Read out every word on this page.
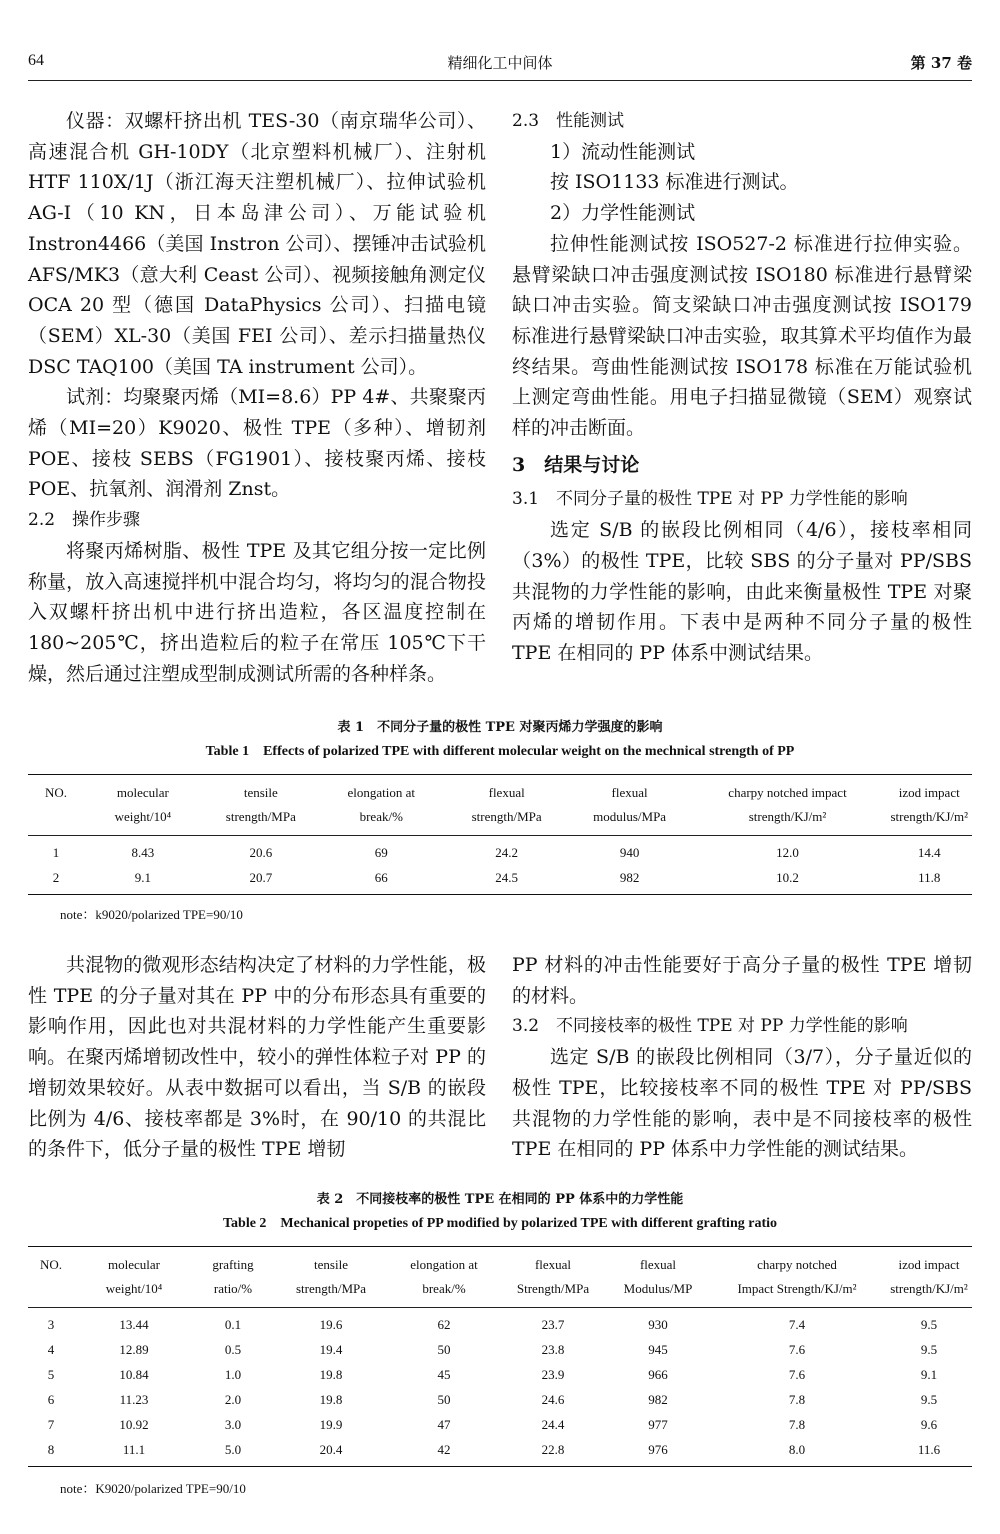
64	精细化工中间体	第 37 卷

仪器：双螺杆挤出机 TES-30（南京瑞华公司）、高速混合机 GH-10DY（北京塑料机械厂）、注射机 HTF 110X/1J（浙江海天注塑机械厂）、拉伸试验机 AG-I（10 KN，日本岛津公司）、万能试验机 Instron4466（美国 Instron 公司）、摆锤冲击试验机 AFS/MK3（意大利 Ceast 公司）、视频接触角测定仪 OCA 20 型（德国 DataPhysics 公司）、扫描电镜（SEM）XL-30（美国 FEI 公司）、差示扫描量热仪 DSC TAQ100（美国 TA instrument 公司）。

试剂：均聚聚丙烯（MI=8.6）PP 4#、共聚聚丙烯（MI=20）K9020、极性 TPE（多种）、增韧剂 POE、接枝 SEBS（FG1901）、接枝聚丙烯、接枝 POE、抗氧剂、润滑剂 Znst。

2.2　操作步骤

将聚丙烯树脂、极性 TPE 及其它组分按一定比例称量，放入高速搅拌机中混合均匀，将均匀的混合物投入双螺杆挤出机中进行挤出造粒，各区温度控制在 180~205℃，挤出造粒后的粒子在常压 105℃下干燥，然后通过注塑成型制成测试所需的各种样条。

2.3　性能测试

1）流动性能测试

按 ISO1133 标准进行测试。

2）力学性能测试

拉伸性能测试按 ISO527-2 标准进行拉伸实验。悬臂梁缺口冲击强度测试按 ISO180 标准进行悬臂梁缺口冲击实验。简支梁缺口冲击强度测试按 ISO179 标准进行悬臂梁缺口冲击实验，取其算术平均值作为最终结果。弯曲性能测试按 ISO178 标准在万能试验机上测定弯曲性能。用电子扫描显微镜（SEM）观察试样的冲击断面。

3　结果与讨论

3.1　不同分子量的极性 TPE 对 PP 力学性能的影响

选定 S/B 的嵌段比例相同（4/6），接枝率相同（3%）的极性 TPE，比较 SBS 的分子量对 PP/SBS 共混物的力学性能的影响，由此来衡量极性 TPE 对聚丙烯的增韧作用。下表中是两种不同分子量的极性 TPE 在相同的 PP 体系中测试结果。

表 1　不同分子量的极性 TPE 对聚丙烯力学强度的影响
Table 1　Effects of polarized TPE with different molecular weight on the mechnical strength of PP
NO.	molecular	tensile	elongation at	flexual	flexual	charpy notched impact	izod impact
	weight/10⁴	strength/MPa	break/%	strength/MPa	modulus/MPa	strength/KJ/m²	strength/KJ/m²
1	8.43	20.6	69	24.2	940	12.0	14.4
2	9.1	20.7	66	24.5	982	10.2	11.8
note：k9020/polarized TPE=90/10

共混物的微观形态结构决定了材料的力学性能，极性 TPE 的分子量对其在 PP 中的分布形态具有重要的影响作用，因此也对共混材料的力学性能产生重要影响。在聚丙烯增韧改性中，较小的弹性体粒子对 PP 的增韧效果较好。从表中数据可以看出，当 S/B 的嵌段比例为 4/6、接枝率都是 3%时，在 90/10 的共混比的条件下，低分子量的极性 TPE 增韧

PP 材料的冲击性能要好于高分子量的极性 TPE 增韧的材料。

3.2　不同接枝率的极性 TPE 对 PP 力学性能的影响

选定 S/B 的嵌段比例相同（3/7），分子量近似的极性 TPE，比较接枝率不同的极性 TPE 对 PP/SBS 共混物的力学性能的影响，表中是不同接枝率的极性 TPE 在相同的 PP 体系中力学性能的测试结果。

表 2　不同接枝率的极性 TPE 在相同的 PP 体系中的力学性能
Table 2　Mechanical propeties of PP modified by polarized TPE with different grafting ratio
NO.	molecular	grafting	tensile	elongation at	flexual	flexual	charpy notched	izod impact
	weight/10⁴	ratio/%	strength/MPa	break/%	Strength/MPa	Modulus/MP	Impact Strength/KJ/m²	strength/KJ/m²
3	13.44	0.1	19.6	62	23.7	930	7.4	9.5
4	12.89	0.5	19.4	50	23.8	945	7.6	9.5
5	10.84	1.0	19.8	45	23.9	966	7.6	9.1
6	11.23	2.0	19.8	50	24.6	982	7.8	9.5
7	10.92	3.0	19.9	47	24.4	977	7.8	9.6
8	11.1	5.0	20.4	42	22.8	976	8.0	11.6
note：K9020/polarized TPE=90/10
